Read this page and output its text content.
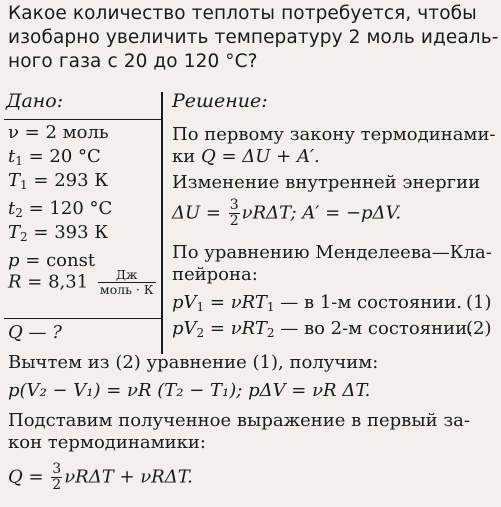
Какое количество теплоты потребуется, чтобы

изобарно увеличить температуру 2 моль идеаль-

ного газа с 20 до 120 °С?

Дано:	Решение:
ν = 2 моль
$t_1 = 20$ °С
$T_1 = 293$ К
$t_2 = 120$ °С
$T_2 = 393$ К
p = const
$R = 8,31 \frac{Дж}{\text{моль · К}}$
Q — ?
По первому закону термодинами-
ки Q = ΔU + A′.
Изменение внутренней энергии
$\Delta U = \frac{3}{2} \nu R\Delta T$; A′ = −pΔV.
По уравнению Менделеева—Кла-
пейрона:
$pV_1 = \nu RT_1$ — в 1-м состоянии. (1)
$pV_2 = \nu RT_2$ — во 2-м состоянии.
(2)
Вычтем из (2) уравнение (1), получим:
p(V₂ − V₁) = νR (T₂ − T₁); pΔV = νR ΔT.
Подставим полученное выражение в первый за-
кон термодинамики:
$Q = \frac{3}{2}$ νRΔT + νRΔT.
